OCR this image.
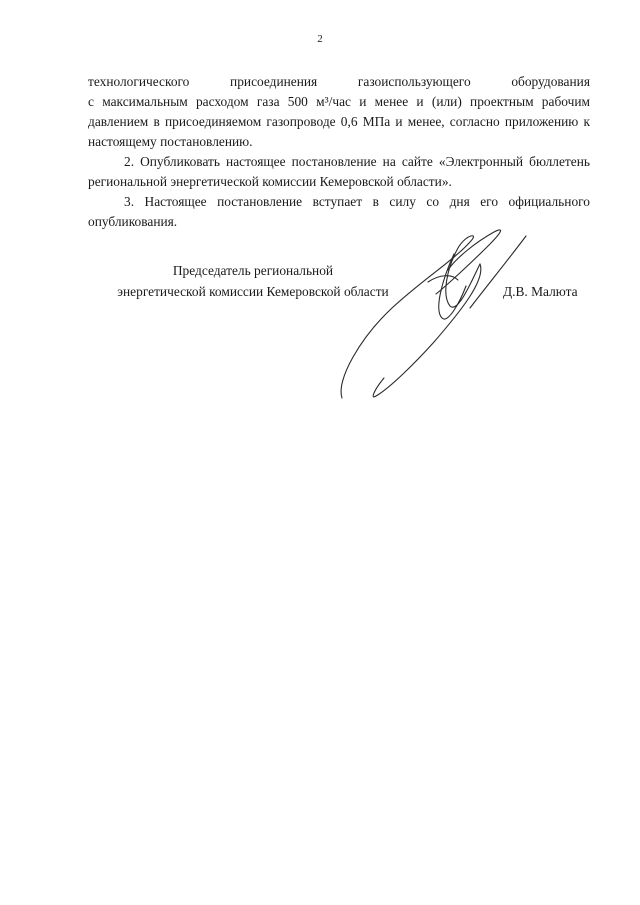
2

технологического присоединения газоиспользующего оборудования

с максимальным расходом газа 500 м³/час и менее и (или) проектным рабочим давлением в присоединяемом газопроводе 0,6 МПа и менее, согласно приложению к настоящему постановлению.

2. Опубликовать настоящее постановление на сайте «Электронный бюллетень региональной энергетической комиссии Кемеровской области».

3. Настоящее постановление вступает в силу со дня его официального опубликования.

Председатель региональной
энергетической комиссии Кемеровской области	Д.В. Малюта
